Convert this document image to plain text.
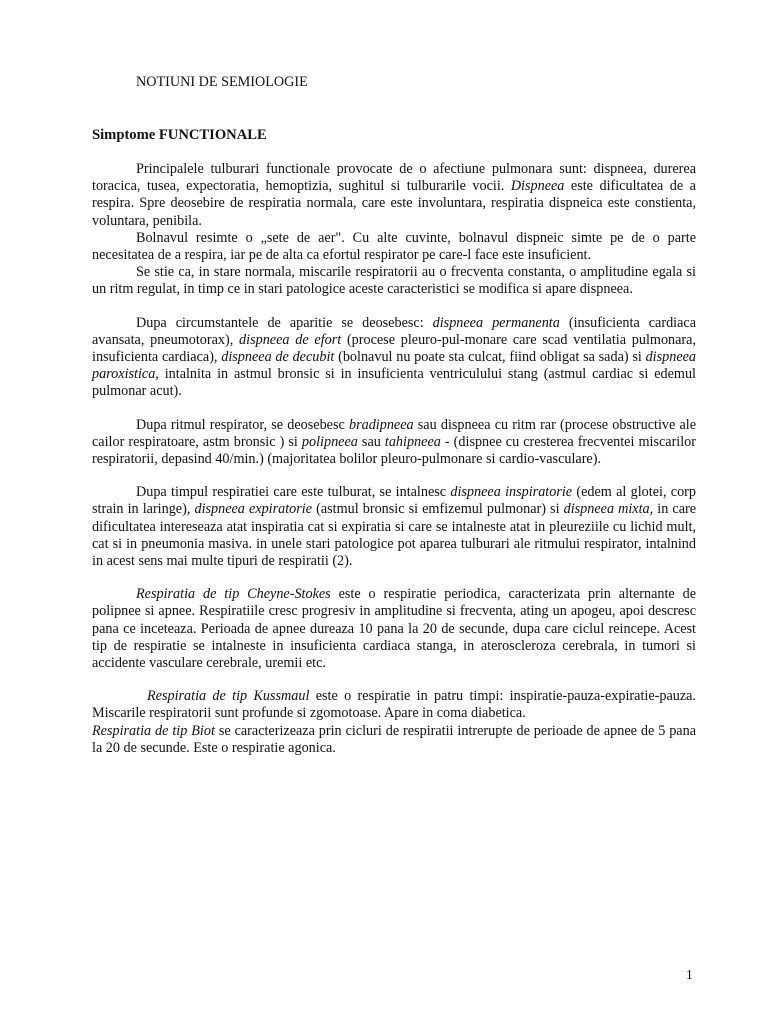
NOTIUNI DE SEMIOLOGIE
Simptome FUNCTIONALE

Principalele tulburari functionale provocate de o afectiune pulmonara sunt: dispneea, durerea toracica, tusea, expectoratia, hemoptizia, sughitul si tulburarile vocii. Dispneea este dificultatea de a respira. Spre deosebire de respiratia normala, care este involuntara, respiratia dispneica este constienta, voluntara, penibila.

Bolnavul resimte o „sete de aer". Cu alte cuvinte, bolnavul dispneic simte pe de o parte necesitatea de a respira, iar pe de alta ca efortul respirator pe care-l face este insuficient.

Se stie ca, in stare normala, miscarile respiratorii au o frecventa constanta, o amplitudine egala si un ritm regulat, in timp ce in stari patologice aceste caracteristici se modifica si apare dispneea.

Dupa circumstantele de aparitie se deosebesc: dispneea permanenta (insuficienta cardiaca avansata, pneumotorax), dispneea de efort (procese pleuro-pul-monare care scad ventilatia pulmonara, insuficienta cardiaca), dispneea de decubit (bolnavul nu poate sta culcat, fiind obligat sa sada) si dispneea paroxistica, intalnita in astmul bronsic si in insuficienta ventriculului stang (astmul cardiac si edemul pulmonar acut).

Dupa ritmul respirator, se deosebesc bradipneea sau dispneea cu ritm rar (procese obstructive ale cailor respiratoare, astm bronsic ) si polipneea sau tahipneea - (dispnee cu cresterea frecventei miscarilor respiratorii, depasind 40/min.) (majoritatea bolilor pleuro-pulmonare si cardio-vasculare).

Dupa timpul respiratiei care este tulburat, se intalnesc dispneea inspiratorie (edem al glotei, corp strain in laringe), dispneea expiratorie (astmul bronsic si emfizemul pulmonar) si dispneea mixta, in care dificultatea intereseaza atat inspiratia cat si expiratia si care se intalneste atat in pleureziile cu lichid mult, cat si in pneumonia masiva. in unele stari patologice pot aparea tulburari ale ritmului respirator, intalnind in acest sens mai multe tipuri de respiratii (2).

Respiratia de tip Cheyne-Stokes este o respiratie periodica, caracterizata prin alternante de polipnee si apnee. Respiratiile cresc progresiv in amplitudine si frecventa, ating un apogeu, apoi descresc pana ce inceteaza. Perioada de apnee dureaza 10 pana la 20 de secunde, dupa care ciclul reincepe. Acest tip de respiratie se intalneste in insuficienta cardiaca stanga, in ateroscleroza cerebrala, in tumori si accidente vasculare cerebrale, uremii etc.

Respiratia de tip Kussmaul este o respiratie in patru timpi: inspiratie-pauza-expiratie-pauza. Miscarile respiratorii sunt profunde si zgomotoase. Apare in coma diabetica.

Respiratia de tip Biot se caracterizeaza prin cicluri de respiratii intrerupte de perioade de apnee de 5 pana la 20 de secunde. Este o respiratie agonica.

1
